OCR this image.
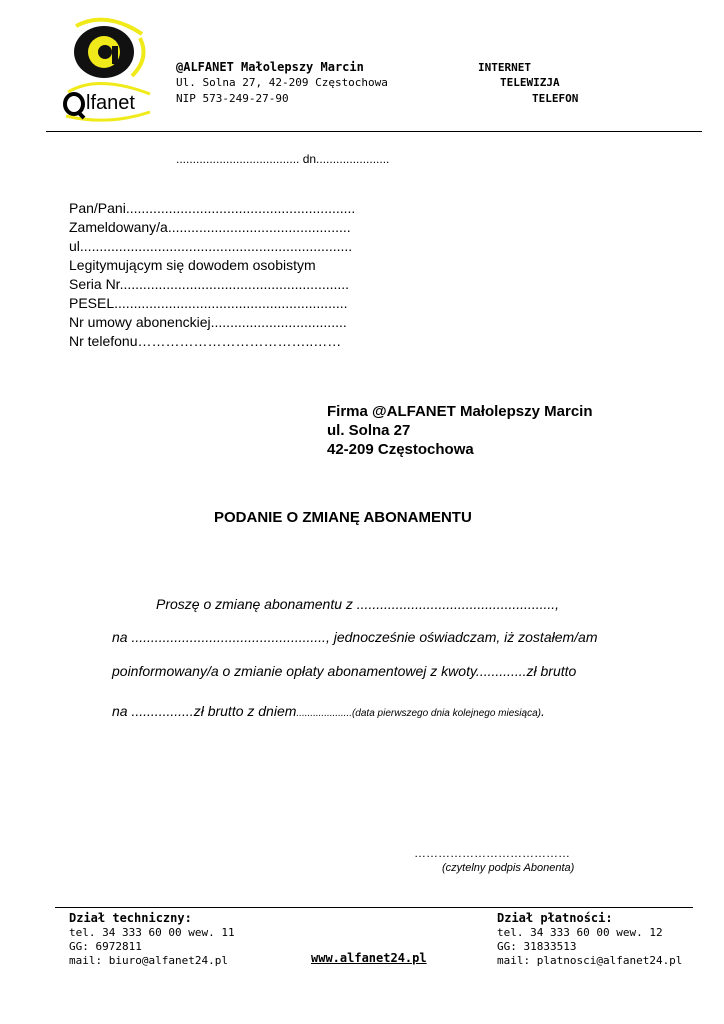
lfanet
@ALFANET Małolepszy Marcin
Ul. Solna 27, 42-209 Częstochowa
NIP 573-249-27-90
INTERNET
TELEWIZJA
TELEFON
..................................... dn......................
Pan/Pani...........................................................
Zameldowany/a...............................................
ul......................................................................
Legitymującym się dowodem osobistym
Seria Nr...........................................................
PESEL............................................................
Nr umowy abonenckiej...................................
Nr telefonu………………………………..……
Firma @ALFANET Małolepszy Marcin
ul. Solna 27
42-209 Częstochowa
PODANIE O ZMIANĘ ABONAMENTU
Proszę o zmianę abonamentu z ...................................................,
na .................................................., jednocześnie oświadczam, iż zostałem/am
poinformowany/a o zmianie opłaty abonamentowej z kwoty.............zł brutto
na ................zł brutto z dniem....................(data pierwszego dnia kolejnego miesiąca).
…………………………………
(czytelny podpis Abonenta)
Dział techniczny:
tel. 34 333 60 00 wew. 11
GG: 6972811
mail: biuro@alfanet24.pl	www.alfanet24.pl
Dział płatności:
tel. 34 333 60 00 wew. 12
GG: 31833513
mail: platnosci@alfanet24.pl
